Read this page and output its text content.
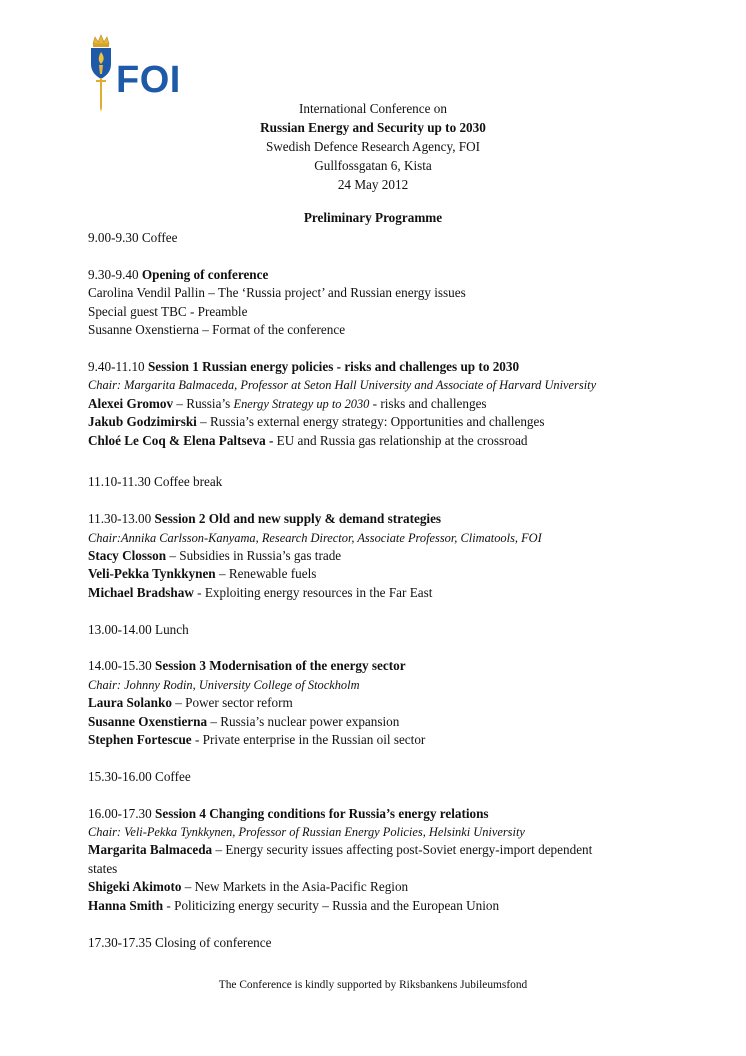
FOI
International Conference on
Russian Energy and Security up to 2030
Swedish Defence Research Agency, FOI
Gullfossgatan 6, Kista
24 May 2012
Preliminary Programme
9.00-9.30 Coffee
9.30-9.40 Opening of conference
Carolina Vendil Pallin – The ‘Russia project’ and Russian energy issues
Special guest TBC - Preamble
Susanne Oxenstierna – Format of the conference
9.40-11.10 Session 1 Russian energy policies - risks and challenges up to 2030
Chair: Margarita Balmaceda, Professor at Seton Hall University and Associate of Harvard University
Alexei Gromov – Russia’s Energy Strategy up to 2030 - risks and challenges
Jakub Godzimirski – Russia’s external energy strategy: Opportunities and challenges
Chloé Le Coq & Elena Paltseva - EU and Russia gas relationship at the crossroad
11.10-11.30 Coffee break
11.30-13.00 Session 2 Old and new supply & demand strategies
Chair:Annika Carlsson-Kanyama, Research Director, Associate Professor, Climatools, FOI
Stacy Closson – Subsidies in Russia’s gas trade
Veli-Pekka Tynkkynen – Renewable fuels
Michael Bradshaw - Exploiting energy resources in the Far East
13.00-14.00 Lunch
14.00-15.30 Session 3 Modernisation of the energy sector
Chair: Johnny Rodin, University College of Stockholm
Laura Solanko – Power sector reform
Susanne Oxenstierna – Russia’s nuclear power expansion
Stephen Fortescue - Private enterprise in the Russian oil sector
15.30-16.00 Coffee
16.00-17.30 Session 4 Changing conditions for Russia’s energy relations
Chair: Veli-Pekka Tynkkynen, Professor of Russian Energy Policies, Helsinki University
Margarita Balmaceda – Energy security issues affecting post-Soviet energy-import dependent states
Shigeki Akimoto – New Markets in the Asia-Pacific Region
Hanna Smith - Politicizing energy security – Russia and the European Union
17.30-17.35 Closing of conference
The Conference is kindly supported by Riksbankens Jubileumsfond
